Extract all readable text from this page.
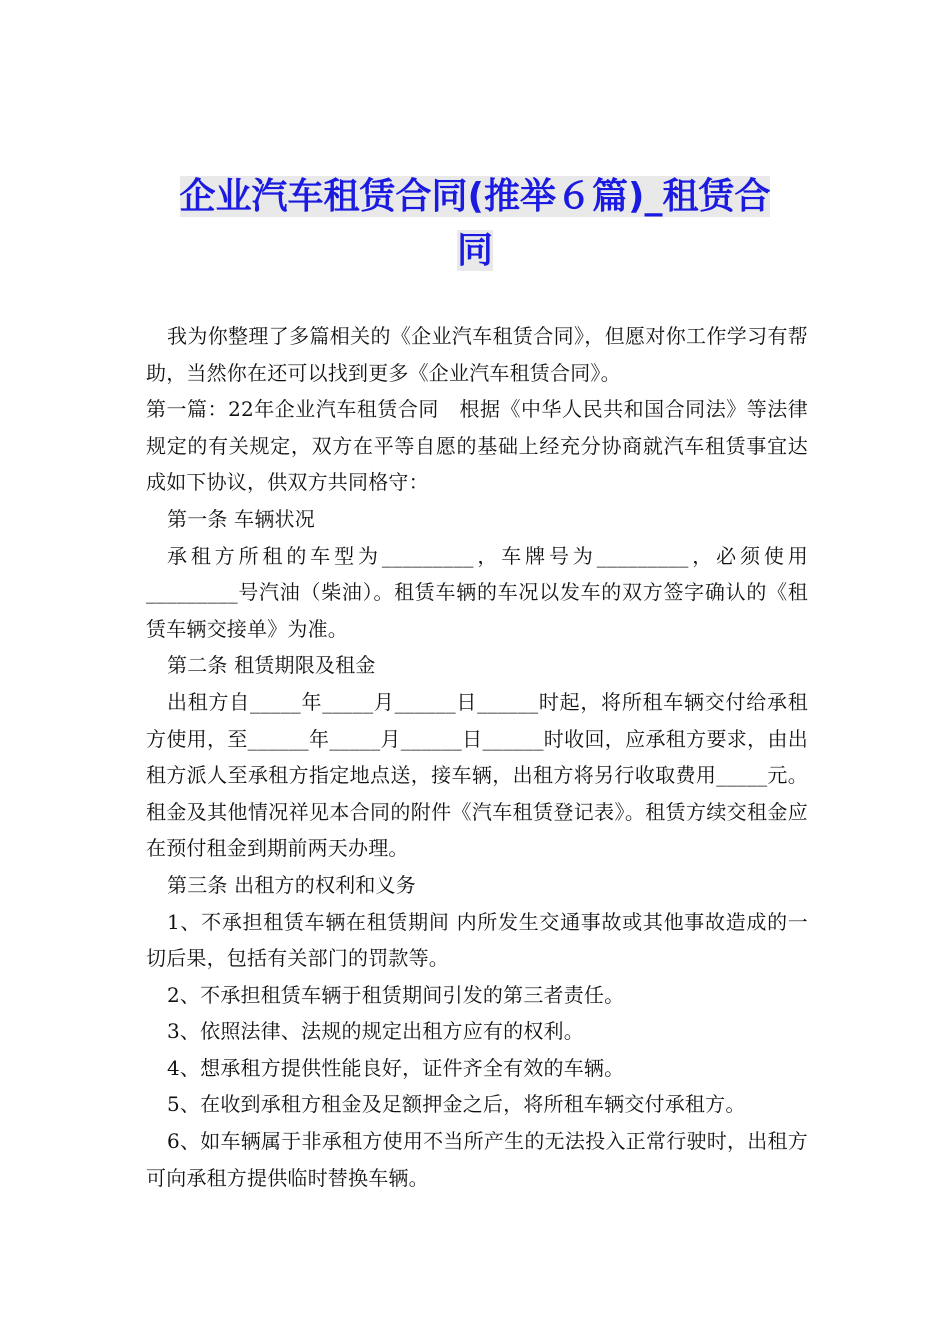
企业汽车租赁合同(推举６篇)_租赁合
同

我为你整理了多篇相关的《企业汽车租赁合同》，但愿对你工作学习有帮助，当然你在还可以找到更多《企业汽车租赁合同》。

第一篇：22年企业汽车租赁合同　根据《中华人民共和国合同法》等法律规定的有关规定，双方在平等自愿的基础上经充分协商就汽车租赁事宜达成如下协议，供双方共同格守：

第一条 车辆状况

承租方所租的车型为_________，车牌号为_________，必须使用_________号汽油（柴油）。租赁车辆的车况以发车的双方签字确认的《租赁车辆交接单》为准。

第二条 租赁期限及租金

出租方自_____年_____月______日______时起，将所租车辆交付给承租方使用，至______年_____月______日______时收回，应承租方要求，由出租方派人至承租方指定地点送，接车辆，出租方将另行收取费用_____元。租金及其他情况祥见本合同的附件《汽车租赁登记表》。租赁方续交租金应在预付租金到期前两天办理。

第三条 出租方的权利和义务

1、不承担租赁车辆在租赁期间 内所发生交通事故或其他事故造成的一切后果，包括有关部门的罚款等。

2、不承担租赁车辆于租赁期间引发的第三者责任。

3、依照法律、法规的规定出租方应有的权利。

4、想承租方提供性能良好，证件齐全有效的车辆。

5、在收到承租方租金及足额押金之后，将所租车辆交付承租方。

6、如车辆属于非承租方使用不当所产生的无法投入正常行驶时，出租方可向承租方提供临时替换车辆。
